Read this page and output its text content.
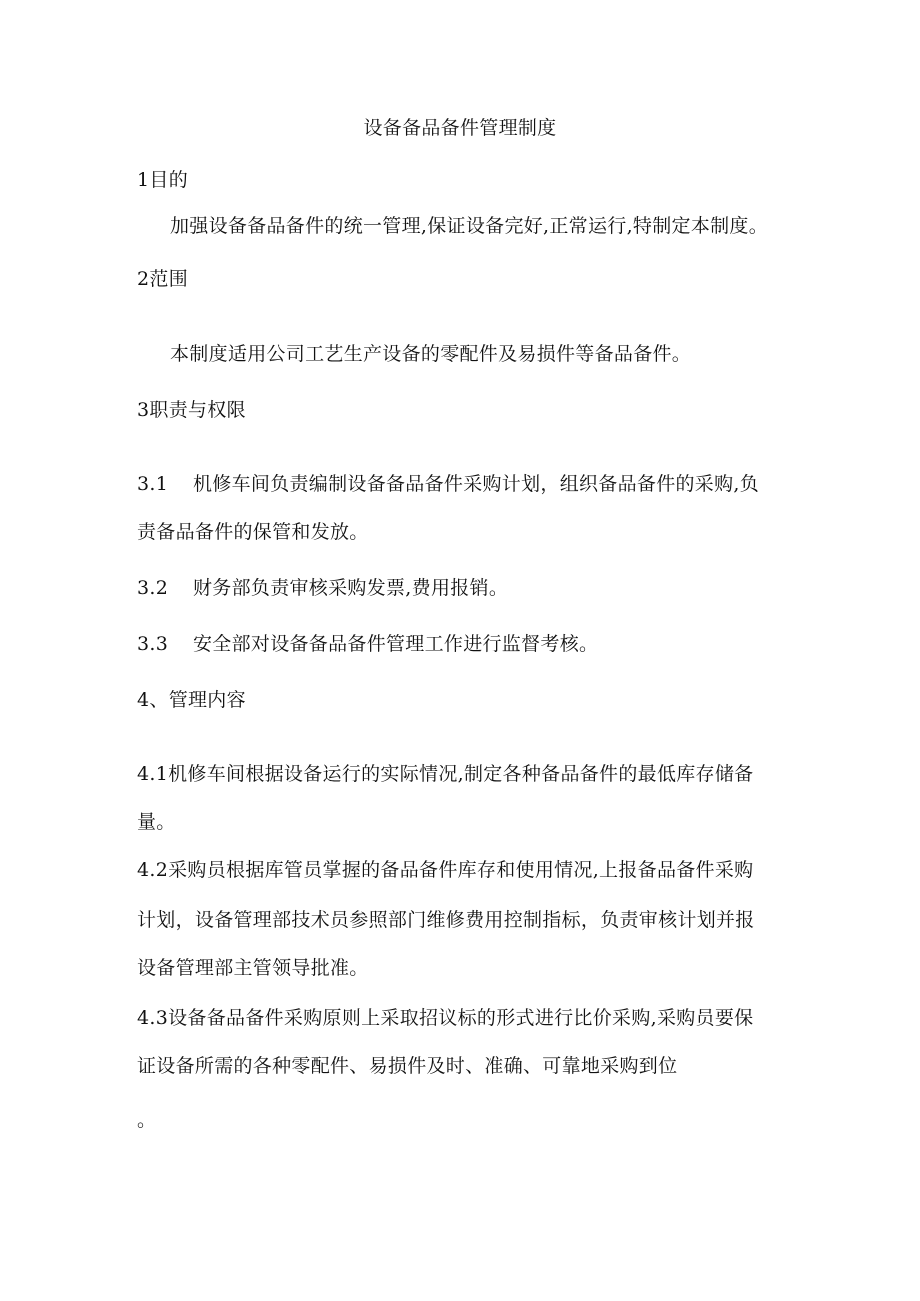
设备备品备件管理制度
1目的
加强设备备品备件的统一管理,保证设备完好,正常运行,特制定本制度。
2范围
本制度适用公司工艺生产设备的零配件及易损件等备品备件。
3职责与权限
3.1 机修车间负责编制设备备品备件采购计划，组织备品备件的采购,负
责备品备件的保管和发放。
3.2 财务部负责审核采购发票,费用报销。
3.3 安全部对设备备品备件管理工作进行监督考核。
4、管理内容
4.1机修车间根据设备运行的实际情况,制定各种备品备件的最低库存储备
量。
4.2采购员根据库管员掌握的备品备件库存和使用情况,上报备品备件采购
计划，设备管理部技术员参照部门维修费用控制指标，负责审核计划并报
设备管理部主管领导批准。
4.3设备备品备件采购原则上采取招议标的形式进行比价采购,采购员要保
证设备所需的各种零配件、易损件及时、准确、可靠地采购到位
。
